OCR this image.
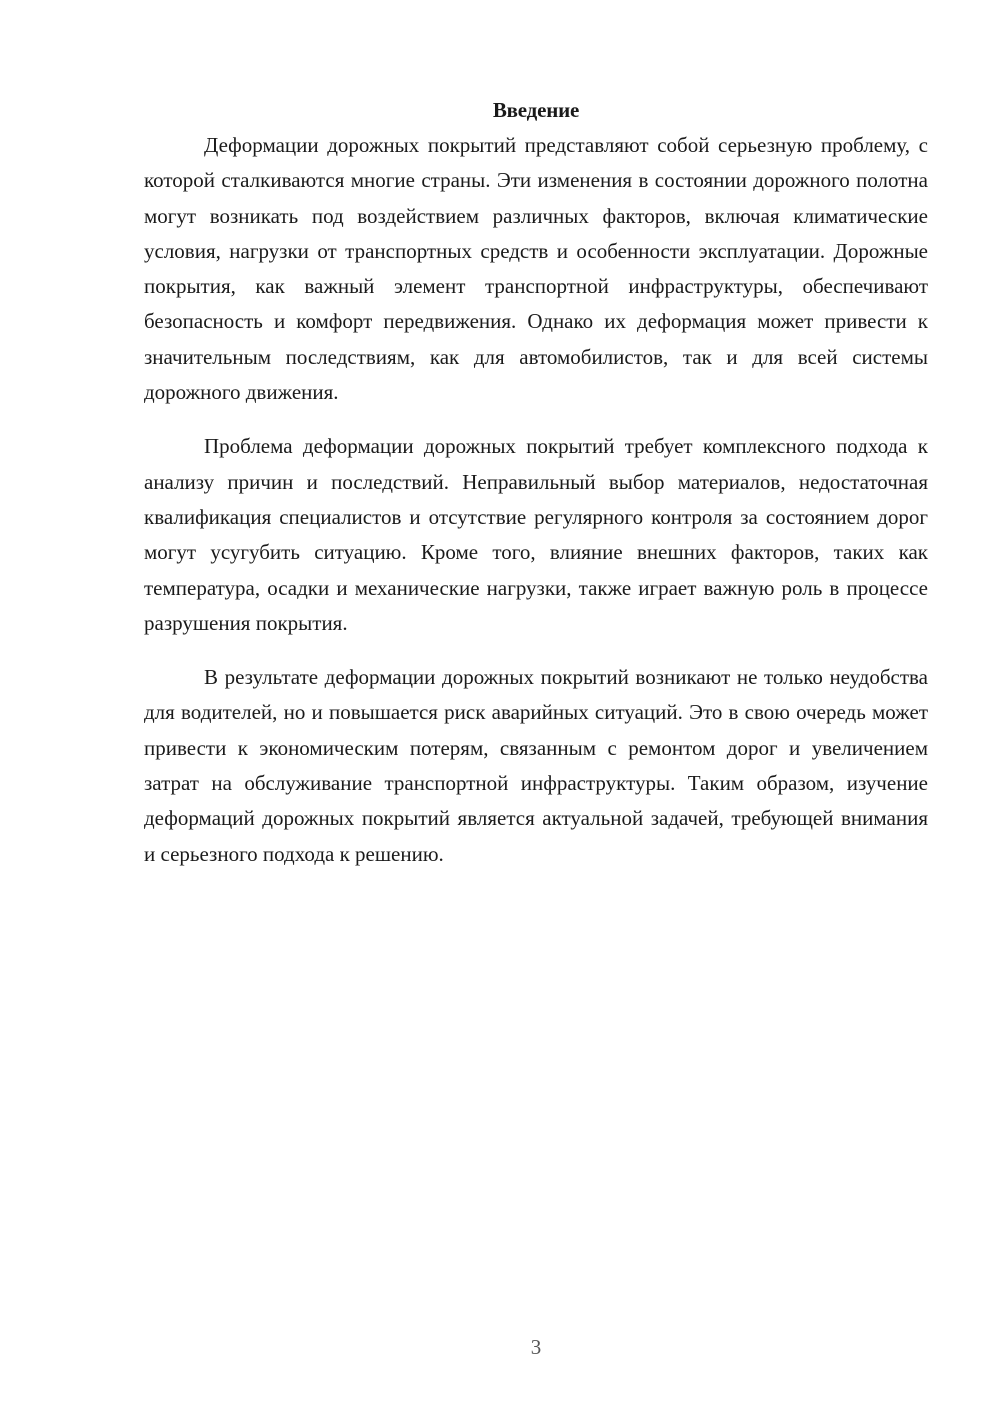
Введение

Деформации дорожных покрытий представляют собой серьезную проблему, с которой сталкиваются многие страны. Эти изменения в состоянии дорожного полотна могут возникать под воздействием различных факторов, включая климатические условия, нагрузки от транспортных средств и особенности эксплуатации. Дорожные покрытия, как важный элемент транспортной инфраструктуры, обеспечивают безопасность и комфорт передвижения. Однако их деформация может привести к значительным последствиям, как для автомобилистов, так и для всей системы дорожного движения.

Проблема деформации дорожных покрытий требует комплексного подхода к анализу причин и последствий. Неправильный выбор материалов, недостаточная квалификация специалистов и отсутствие регулярного контроля за состоянием дорог могут усугубить ситуацию. Кроме того, влияние внешних факторов, таких как температура, осадки и механические нагрузки, также играет важную роль в процессе разрушения покрытия.

В результате деформации дорожных покрытий возникают не только неудобства для водителей, но и повышается риск аварийных ситуаций. Это в свою очередь может привести к экономическим потерям, связанным с ремонтом дорог и увеличением затрат на обслуживание транспортной инфраструктуры. Таким образом, изучение деформаций дорожных покрытий является актуальной задачей, требующей внимания и серьезного подхода к решению.

3
